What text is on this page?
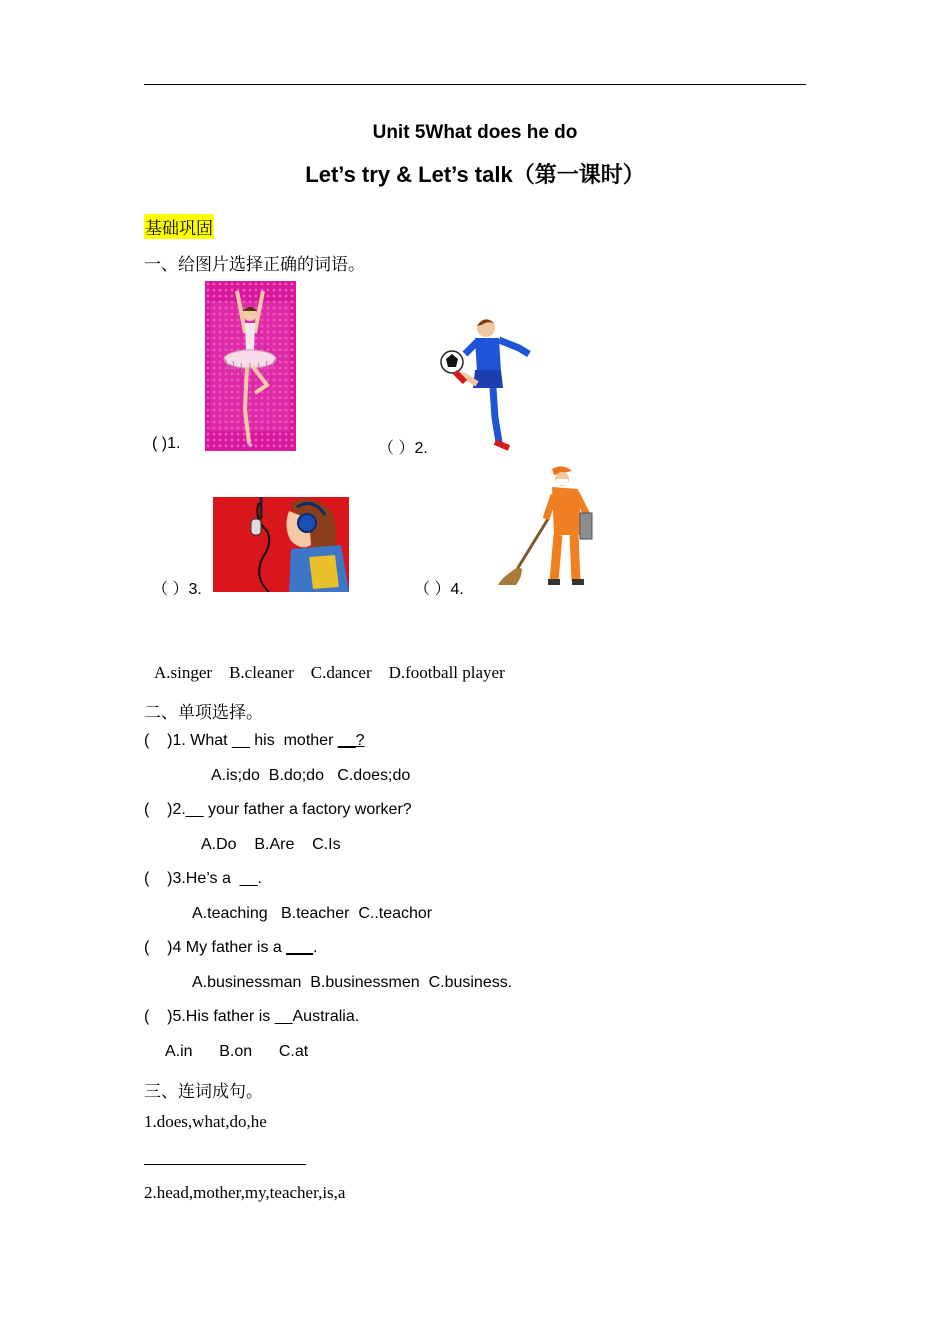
Unit 5What does he do
Let’s try & Let’s talk（第一课时）
基础巩固
一、给图片选择正确的词语。
( )1.	（ ）2.
（ ）3.	（ ）4.
A.singer    B.cleaner    C.dancer    D.football player
二、单项选择。
(    )1. What __ his  mother __?
A.is;do  B.do;do   C.does;do
(    )2.__ your father a factory worker?
A.Do    B.Are    C.Is
(    )3.He’s a  __.
A.teaching   B.teacher  C..teachor
(    )4 My father is a ___.
A.businessman  B.businessmen  C.business.
(    )5.His father is __Australia.
A.in      B.on      C.at
三、连词成句。
1.does,what,do,he
2.head,mother,my,teacher,is,a
